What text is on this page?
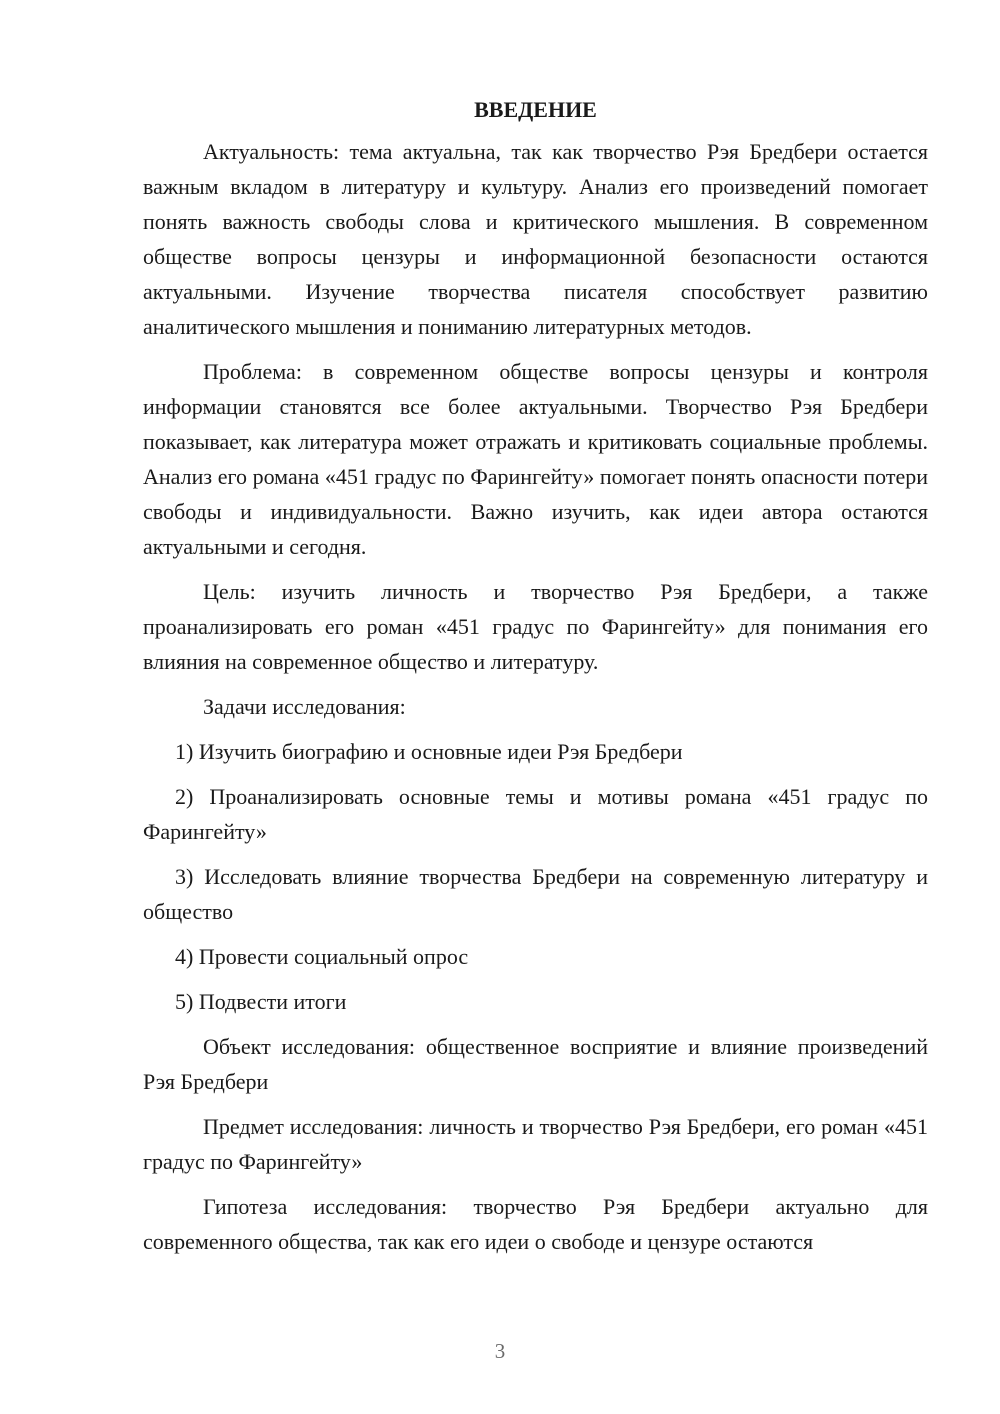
ВВЕДЕНИЕ

Актуальность: тема актуальна, так как творчество Рэя Бредбери остается важным вкладом в литературу и культуру. Анализ его произведений помогает понять важность свободы слова и критического мышления. В современном обществе вопросы цензуры и информационной безопасности остаются актуальными. Изучение творчества писателя способствует развитию аналитического мышления и пониманию литературных методов.

Проблема: в современном обществе вопросы цензуры и контроля информации становятся все более актуальными. Творчество Рэя Бредбери показывает, как литература может отражать и критиковать социальные проблемы. Анализ его романа «451 градус по Фарингейту» помогает понять опасности потери свободы и индивидуальности. Важно изучить, как идеи автора остаются актуальными и сегодня.

Цель: изучить личность и творчество Рэя Бредбери, а также проанализировать его роман «451 градус по Фарингейту» для понимания его влияния на современное общество и литературу.

Задачи исследования:

1) Изучить биографию и основные идеи Рэя Бредбери

2) Проанализировать основные темы и мотивы романа «451 градус по Фарингейту»

3) Исследовать влияние творчества Бредбери на современную литературу и общество

4) Провести социальный опрос

5) Подвести итоги

Объект исследования: общественное восприятие и влияние произведений Рэя Бредбери

Предмет исследования: личность и творчество Рэя Бредбери, его роман «451 градус по Фарингейту»

Гипотеза исследования: творчество Рэя Бредбери актуально для современного общества, так как его идеи о свободе и цензуре остаются

3
